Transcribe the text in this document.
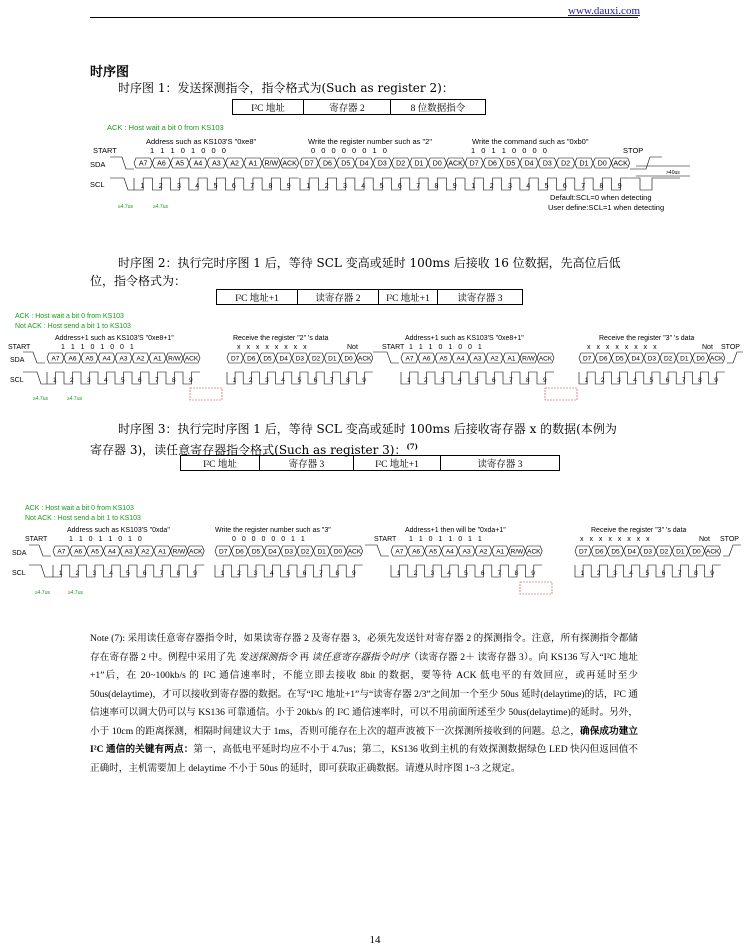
www.dauxi.com
时序图
时序图 1：发送探测指令，指令格式为(Such as register 2)：
I²C 地址	寄存器 2	8 位数据指令
ACK : Host wait a bit 0 from KS103
Address such as KS103'S "0xe8"	Write the register number such as "2"	Write the command such as "0xb0"
START	STOP
1 1 1 0 1 0 0 0	0 0 0 0 0 0 1 0	1 0 1 1 0 0 0 0
SDA
SCL
A7 A6 A5 A4 A3 A2 A1 R/W ACK D7 D6 D5 D4 D3 D2 D1 D0 ACK D7 D6 D5 D4 D3 D2 D1 D0 ACK
1 2 3 4 5 6 7 8 9 1 2 3 4 5 6 7 8 9 1 2 3 4 5 6 7 8 9
Default:SCL=0 when detecting
User define:SCL=1 when detecting
≥4.7us	≥4.7us
>40us
时序图 2：执行完时序图 1 后，等待 SCL 变高或延时 100ms 后接收 16 位数据，先高位后低
位，指令格式为：
I²C 地址+1	读寄存器 2	I²C 地址+1	读寄存器 3
ACK : Host wait a bit 0 from KS103
Not ACK : Host send a bit 1 to KS103
Address+1 such as KS103'S "0xe8+1"	Receive the register "2" 's data	Address+1 such as KS103'S "0xe8+1"	Receive the register "3" 's data
START	START	STOP
1 1 1 0 1 0 0 1	x x x x x x x x	Not	1 1 1 0 1 0 0 1	x x x x x x x x	Not
SDA
SCL
A7 A6 A5 A4 A3 A2 A1 R/W ACK	D7 D6 D5 D4 D3 D2 D1 D0 ACK	A7 A6 A5 A4 A3 A2 A1 R/W ACK	D7 D6 D5 D4 D3 D2 D1 D0 ACK
1 2 3 4 5 6 7 8 9	1 2 3 4 5 6 7 8 9	1 2 3 4 5 6 7 8 9	1 2 3 4 5 6 7 8 9
≥4.7us	≥4.7us
时序图 3：执行完时序图 1 后，等待 SCL 变高或延时 100ms 后接收寄存器 x 的数据(本例为
寄存器 3)，读任意寄存器指令格式(Such as register 3)：$^{(7)}$
I²C 地址	寄存器 3	I²C 地址+1	读寄存器 3
ACK : Host wait a bit 0 from KS103
Not ACK : Host send a bit 1 to KS103
Address such as KS103'S "0xda"	Write the register number such as "3"	Address+1 then will be "0xda+1"	Receive the register "3" 's data
START	START	STOP
1 1 0 1 1 0 1 0	0 0 0 0 0 0 1 1	1 1 0 1 1 0 1 1	x x x x x x x x	Not
SDA
SCL
A7 A6 A5 A4 A3 A2 A1 R/W ACK	D7 D6 D5 D4 D3 D2 D1 D0 ACK	A7 A6 A5 A4 A3 A2 A1 R/W ACK	D7 D6 D5 D4 D3 D2 D1 D0 ACK
1 2 3 4 5 6 7 8 9	1 2 3 4 5 6 7 8 9	1 2 3 4 5 6 7 8 9	1 2 3 4 5 6 7 8 9
≥4.7us	≥4.7us
Note (7): 采用读任意寄存器指令时，如果读寄存器 2 及寄存器 3，必须先发送针对寄存器 2 的探测指令。注意，所有探测指令都储存在寄存器 2 中。例程中采用了先 发送探测指令 再 读任意寄存器指令时序（读寄存器 2＋ 读寄存器 3）。向 KS136 写入“I²C 地址+1”后，在 20~100kb/s 的 I²C 通信速率时，不能立即去接收 8bit 的数据，要等待 ACK 低电平的有效回应，或再延时至少 50us(delaytime)，才可以接收到寄存器的数据。在写“I²C 地址+1”与“读寄存器 2/3”之间加一个至少 50us 延时(delaytime)的话，I²C 通信速率可以调大仍可以与 KS136 可靠通信。小于 20kb/s 的 I²C 通信速率时，可以不用前面所述至少 50us(delaytime)的延时。另外，小于 10cm 的距离探测，相隔时间建议大于 1ms，否则可能存在上次的超声波被下一次探测所接收到的问题。总之，确保成功建立 I²C 通信的关键有两点：第一，高低电平延时均应不小于 4.7us；第二，KS136 收到主机的有效探测数据绿色 LED 快闪但返回值不正确时，主机需要加上 delaytime 不小于 50us 的延时，即可获取正确数据。请遵从时序图 1~3 之规定。
14
